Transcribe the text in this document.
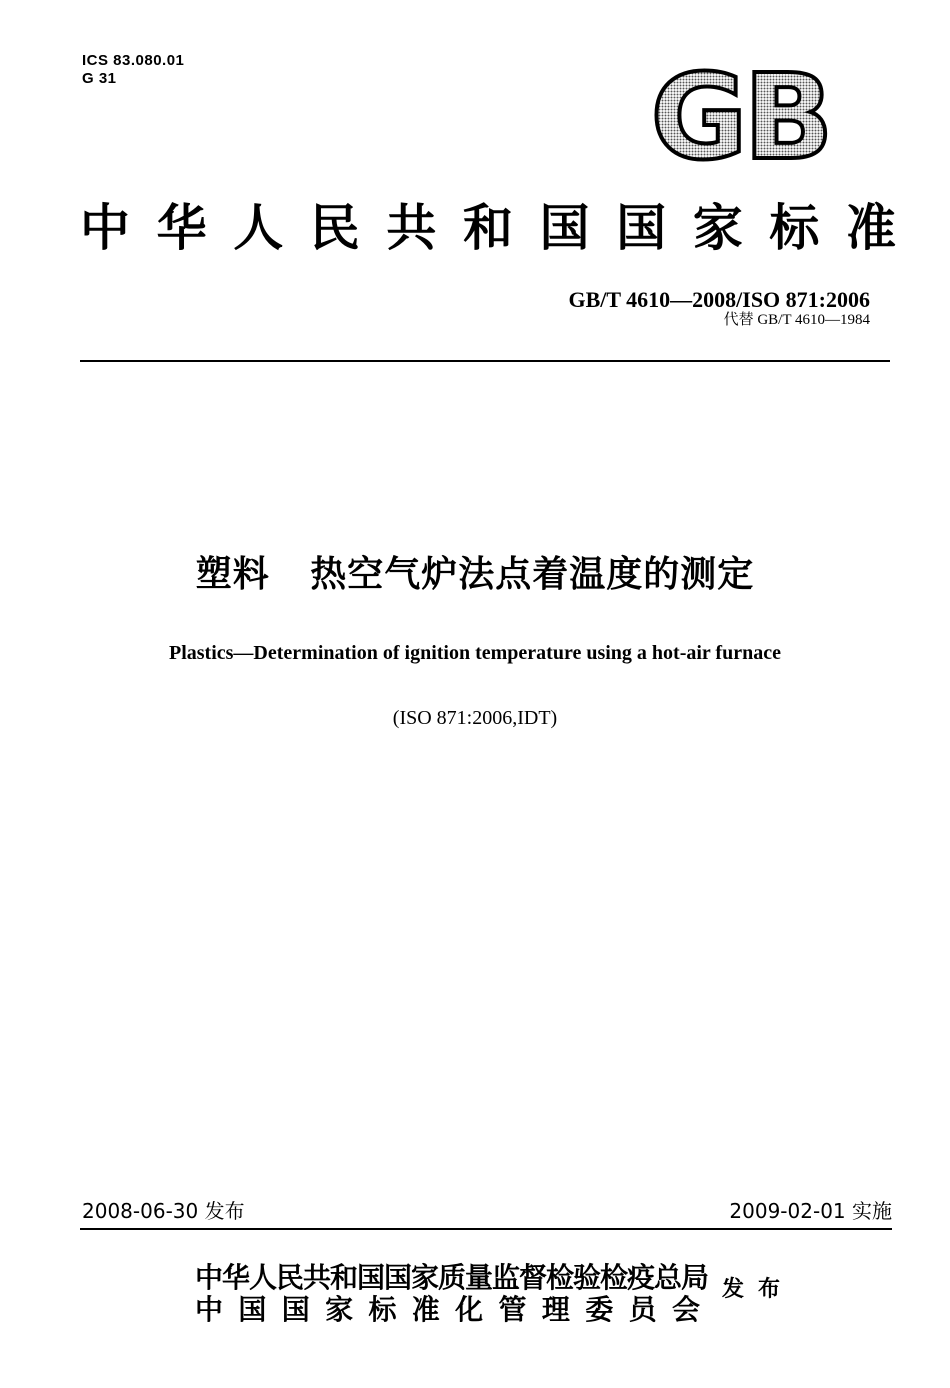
ICS 83.080.01
G 31	GB
中华人民共和国国家标准
GB/T 4610—2008/ISO 871:2006
代替 GB/T 4610—1984
塑料   热空气炉法点着温度的测定
Plastics—Determination of ignition temperature using a hot-air furnace
(ISO 871:2006,IDT)
2008-06-30 发布	2009-02-01 实施
中华人民共和国国家质量监督检验检疫总局
中国国家标准化管理委员会
发布
